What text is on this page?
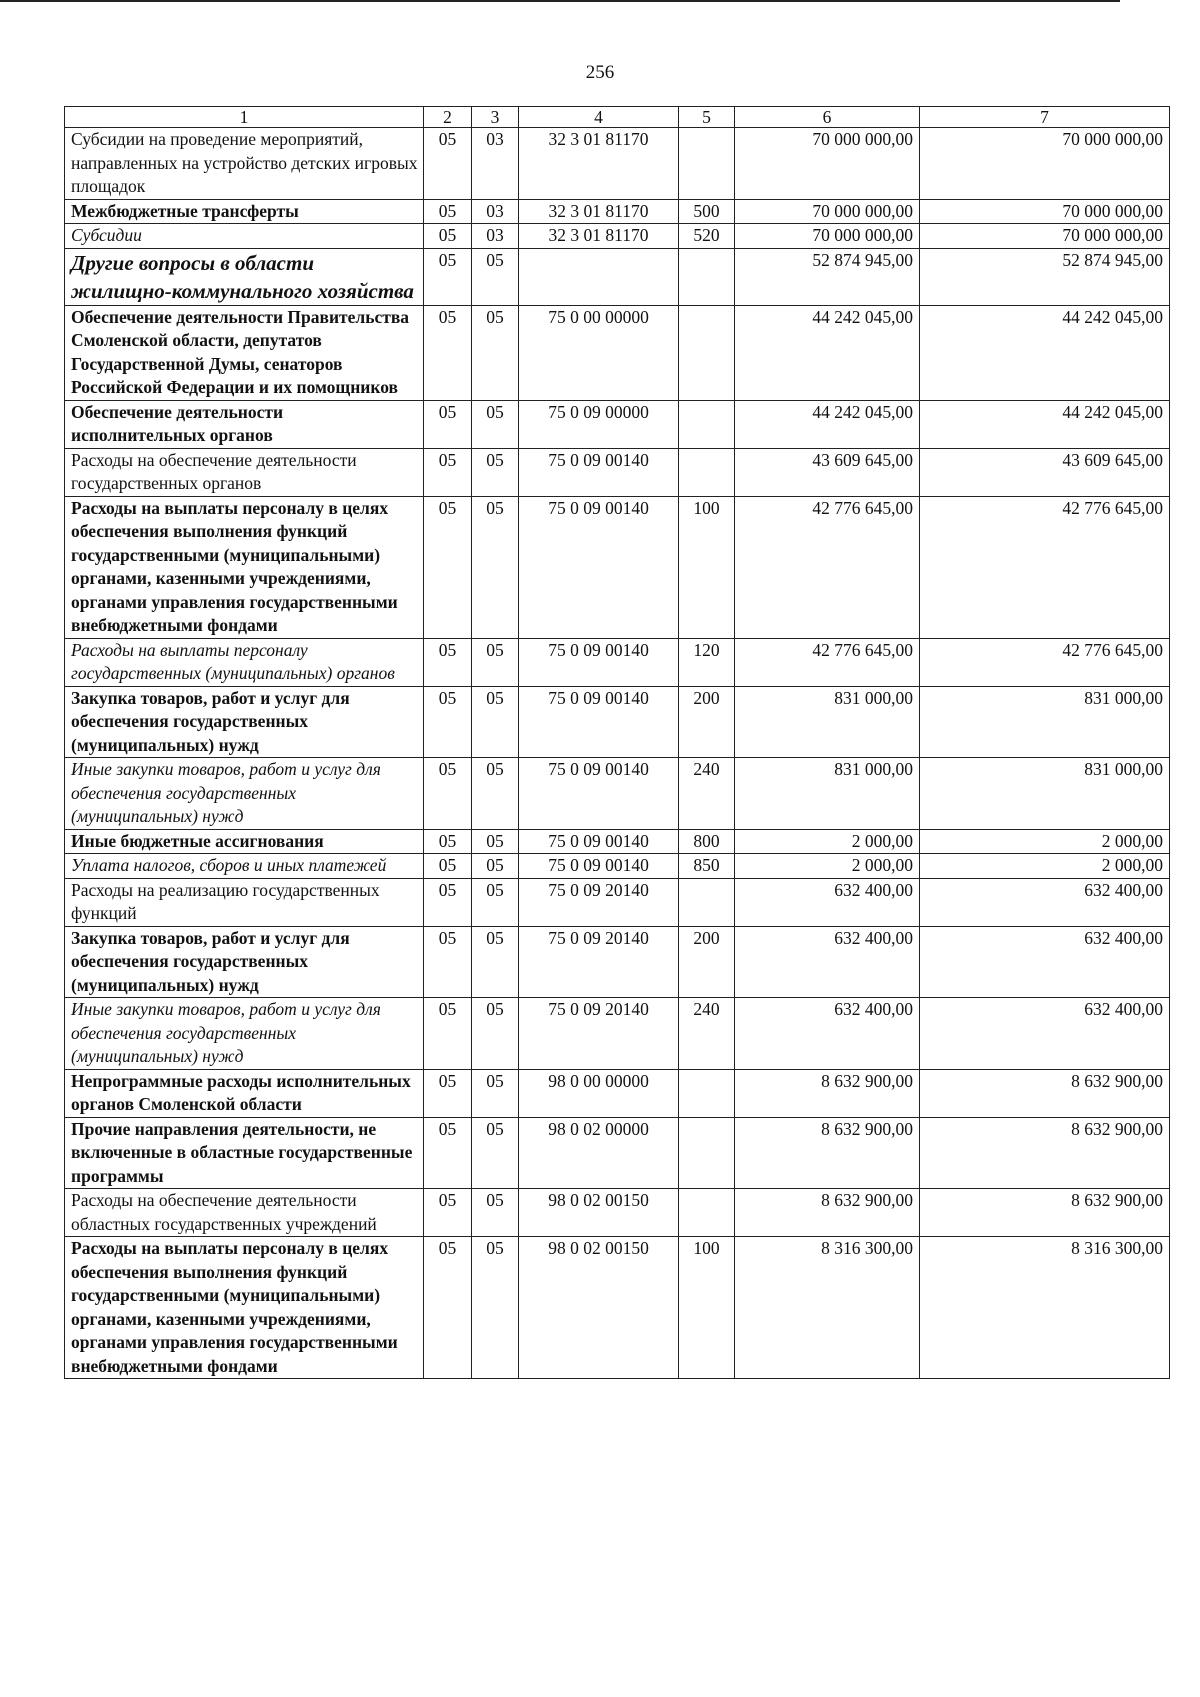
256
1	2	3	4	5	6	7
Субсидии на проведение мероприятий, направленных на устройство детских игровых площадок	05	03	32 3 01 81170		70 000 000,00	70 000 000,00
Межбюджетные трансферты	05	03	32 3 01 81170	500	70 000 000,00	70 000 000,00
Субсидии	05	03	32 3 01 81170	520	70 000 000,00	70 000 000,00
Другие вопросы в области жилищно-коммунального хозяйства	05	05			52 874 945,00	52 874 945,00
Обеспечение деятельности Правительства Смоленской области, депутатов Государственной Думы, сенаторов Российской Федерации и их помощников	05	05	75 0 00 00000		44 242 045,00	44 242 045,00
Обеспечение деятельности исполнительных органов	05	05	75 0 09 00000		44 242 045,00	44 242 045,00
Расходы на обеспечение деятельности государственных органов	05	05	75 0 09 00140		43 609 645,00	43 609 645,00
Расходы на выплаты персоналу в целях обеспечения выполнения функций государственными (муниципальными) органами, казенными учреждениями, органами управления государственными внебюджетными фондами	05	05	75 0 09 00140	100	42 776 645,00	42 776 645,00
Расходы на выплаты персоналу государственных (муниципальных) органов	05	05	75 0 09 00140	120	42 776 645,00	42 776 645,00
Закупка товаров, работ и услуг для обеспечения государственных (муниципальных) нужд	05	05	75 0 09 00140	200	831 000,00	831 000,00
Иные закупки товаров, работ и услуг для обеспечения государственных (муниципальных) нужд	05	05	75 0 09 00140	240	831 000,00	831 000,00
Иные бюджетные ассигнования	05	05	75 0 09 00140	800	2 000,00	2 000,00
Уплата налогов, сборов и иных платежей	05	05	75 0 09 00140	850	2 000,00	2 000,00
Расходы на реализацию государственных функций	05	05	75 0 09 20140		632 400,00	632 400,00
Закупка товаров, работ и услуг для обеспечения государственных (муниципальных) нужд	05	05	75 0 09 20140	200	632 400,00	632 400,00
Иные закупки товаров, работ и услуг для обеспечения государственных (муниципальных) нужд	05	05	75 0 09 20140	240	632 400,00	632 400,00
Непрограммные расходы исполнительных органов Смоленской области	05	05	98 0 00 00000		8 632 900,00	8 632 900,00
Прочие направления деятельности, не включенные в областные государственные программы	05	05	98 0 02 00000		8 632 900,00	8 632 900,00
Расходы на обеспечение деятельности областных государственных учреждений	05	05	98 0 02 00150		8 632 900,00	8 632 900,00
Расходы на выплаты персоналу в целях обеспечения выполнения функций государственными (муниципальными) органами, казенными учреждениями, органами управления государственными внебюджетными фондами	05	05	98 0 02 00150	100	8 316 300,00	8 316 300,00
